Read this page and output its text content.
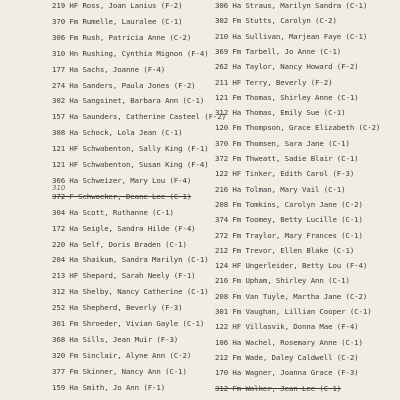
219 HF Ross, Joan Lanius (F-2)
370 Fm Rumelle, Lauralee (C-1)
306 Fm Rush, Patricia Anne (C-2)
310 Hn Rushing, Cynthia Mignon (F-4)
177 Ha Sachs, Joanne (F-4)
274 Ha Sanders, Paula Jones (F-2)
302 Ha Sangsinet, Barbara Ann (C-1)
157 Ha Saunders, Catherine Casteel (F-2)
308 Ha Schock, Lola Jean (C-1)
121 HF Schwabenton, Sally King (F-1)
121 HF Schwabenton, Susan King (F-4)
366 Ha Schweizer, Mary Lou (F-4)
372 F Schwoeker, Deane Lee (C-1)
304 Ha Scott, Ruthanne (C-1)
172 Ha Seigle, Sandra Hilde (F-4)
220 Ha Self, Doris Braden (C-1)
204 Ha Shaikum, Sandra Marilyn (C-1)
213 HF Shepard, Sarah Neely (F-1)
312 Ha Shelby, Nancy Catherine (C-1)
252 Ha Shepherd, Beverly (F-3)
301 Fm Shroeder, Vivian Gayle (C-1)
368 Ha Sills, Jean Muir (F-3)
320 Fm Sinclair, Alyne Ann (C-2)
377 Fm Skinner, Nancy Ann (C-1)
159 Ha Smith, Jo Ann (F-1)
306 Ha Straus, Marilyn Sandra (C-1)
302 Fm Stutts, Carolyn (C-2)
210 Ha Sullivan, Marjean Faye (C-1)
369 Fm Tarbell, Jo Anne (C-1)
262 Ha Taylor, Nancy Howard (F-2)
211 HF Terry, Beverly (F-2)
121 Fm Thomas, Shirley Anne (C-1)
312 Ha Thomas, Emily Sue (C-1)
120 Fm Thompson, Grace Elizabeth (C-2)
370 Fm Thomsen, Sara Jane (C-1)
372 Fm Thweatt, Sadie Blair (C-1)
122 HF Tinker, Edith Carol (F-3)
216 Ha Tolman, Mary Vail (C-1)
208 Fm Tomkins, Carolyn Jane (C-2)
374 Fm Toomey, Betty Lucille (C-1)
272 Fm Traylor, Mary Frances (C-1)
212 Fm Trevor, Ellen Blake (C-1)
124 HF Ungerleider, Betty Lou (F-4)
216 Fm Upham, Shirley Ann (C-1)
208 Fm Van Tuyle, Martha Jane (C-2)
301 Fm Vaughan, Lillian Cooper (C-1)
122 HF Villasvik, Donna Mae (F-4)
106 Ha Wachel, Rosemary Anne (C-1)
212 Fm Wade, Daley Caldwell (C-2)
170 Ha Wagner, Joanna Grace (F-3)
312 Fm Walker, Jean Lee (C-1)
310
